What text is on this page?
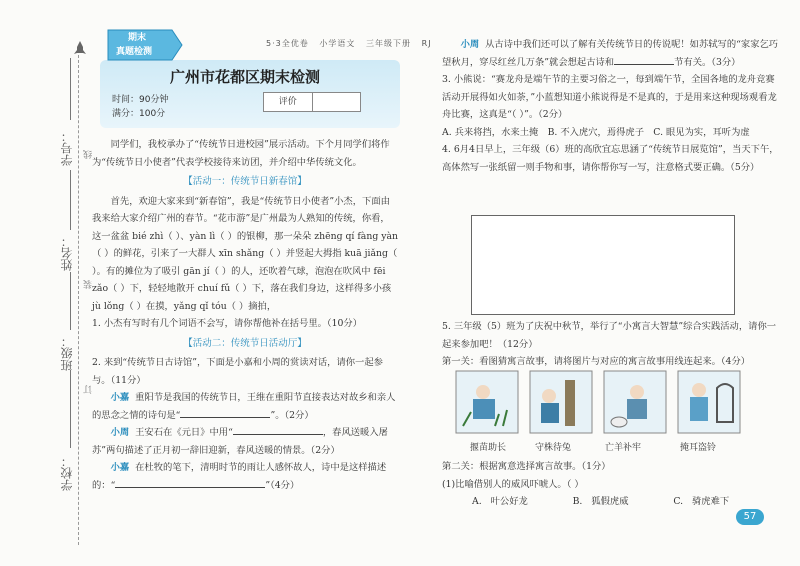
学号：
姓名：
班级：
学校：
线
装
订
期末
真题检测
5·3全优卷 小学语文 三年级下册 RJ
广州市花都区期末检测
时间：90分钟
满分：100分
评价

同学们，我校承办了“传统节日进校园”展示活动。下个月同学们将作为“传统节日小使者”代表学校接待来访团，并介绍中华传统文化。

【活动一：传统节日新春馆】

首先，欢迎大家来到“新春馆”，我是“传统节日小使者”小杰，下面由我来给大家介绍广州的春节。“花市游”是广州最为人熟知的传统，你看，这一盆盆 bié zhì（ ）、yàn lì（ ）的银柳，那一朵朵 zhēng qí fàng yàn（ ）的鲜花，引来了一大群人 xīn shǎng（ ）并竖起大拇指 kuā jiǎng（ ）。有的摊位为了吸引 gān jí（ ）的人，还吹着气球，泡泡在吹风中 fēi zǎo（ ）下，轻轻地散开 chuí fǔ（ ）下，落在我们身边，这样得多小孩 jù lǒng（ ）在摸，yǎng qǐ tóu（ ）摘拍，

1. 小杰有写时有几个词语不会写，请你帮他补在括号里。（10分）

【活动二：传统节日活动厅】

2. 来到“传统节日古诗馆”，下面是小嘉和小周的赏读对话，请你一起参与。（11分）

小嘉 重阳节是我国的传统节日，王维在重阳节直接表达对故乡和亲人的思念之情的诗句是“	”。（2分）

小周 王安石在《元日》中用“	，春风送暖入屠苏”两句描述了正月初一辞旧迎新，春风送暖的情景。（2分）

小嘉 在杜牧的笔下，清明时节的雨让人感怀故人，诗中是这样描述的：“	”（4分）

小周 从古诗中我们还可以了解有关传统节日的传说呢！如苏轼写的“家家乞巧望秋月，穿尽红丝几万条”就会想起古诗和	节有关。（3分）

3. 小熊说：“赛龙舟是端午节的主要习俗之一，每到端午节，全国各地的龙舟竞赛活动开展得如火如荼，”小蓝想知道小熊说得是不是真的，于是用来这种现场观看龙舟比赛，这真是“（ ）”。（2分）

A. 兵来将挡，水来土掩　B. 不入虎穴，焉得虎子　C. 眼见为实，耳听为虚

4. 6月4日早上，三年级（6）班的高欣宜忘思涵了“传统节日展览馆”，当天下午，高体然写一张纸留一则手物和事，请你帮你写一写，注意格式要正确。（5分）

5. 三年级（5）班为了庆祝中秋节，举行了“小寓言大智慧”综合实践活动，请你一起来参加吧！（12分）

第一关：看图猜寓言故事，请将图片与对应的寓言故事用线连起来。（4分）

揠苗助长	守株待兔	亡羊补牢	掩耳盗铃

第二关：根据寓意选择寓言故事。（1分）

(1)比喻借别人的威风吓唬人。（ ）

A. 叶公好龙	B. 狐假虎威	C. 骑虎难下

57
